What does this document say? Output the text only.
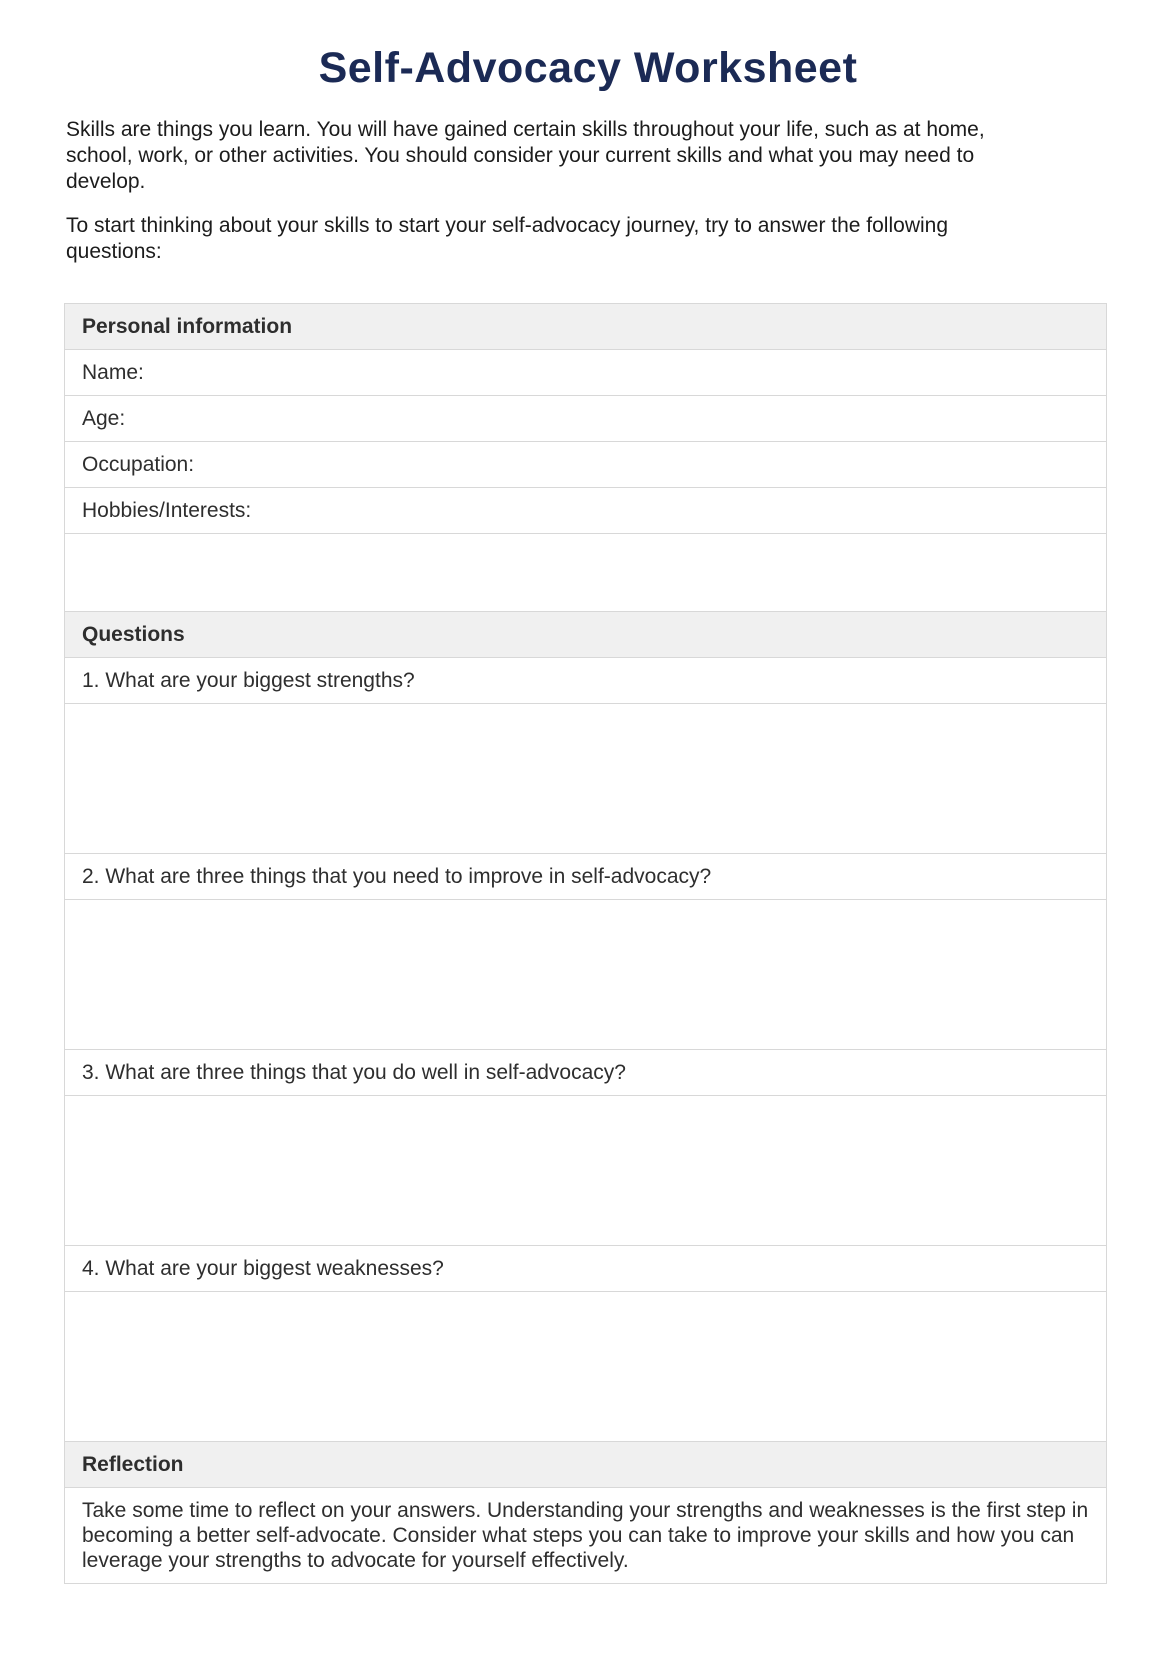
Self-Advocacy Worksheet

Skills are things you learn. You will have gained certain skills throughout your life, such as at home, school, work, or other activities. You should consider your current skills and what you may need to develop.

To start thinking about your skills to start your self-advocacy journey, try to answer the following questions:

Personal information
Name:
Age:
Occupation:
Hobbies/Interests:

Questions
1. What are your biggest strengths?

2. What are three things that you need to improve in self-advocacy?

3. What are three things that you do well in self-advocacy?

4. What are your biggest weaknesses?

Reflection
Take some time to reflect on your answers. Understanding your strengths and weaknesses is the first step in becoming a better self-advocate. Consider what steps you can take to improve your skills and how you can leverage your strengths to advocate for yourself effectively.
